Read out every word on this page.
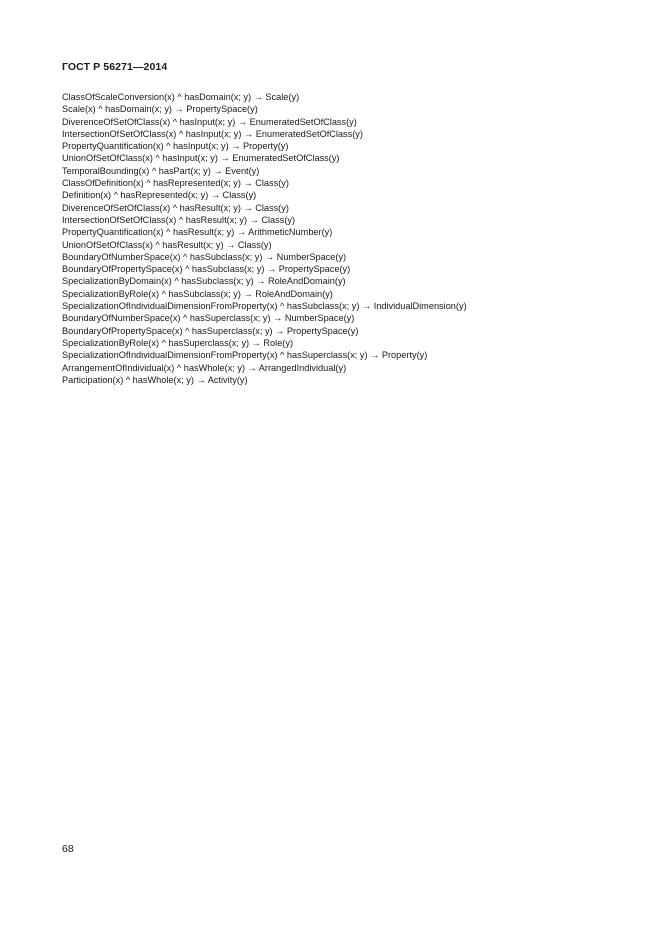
ГОСТ Р 56271—2014
ClassOfScaleConversion(x) ^ hasDomain(x; y) → Scale(y)
Scale(x) ^ hasDomain(x; y) → PropertySpace(y)
DiverenceOfSetOfClass(x) ^ hasInput(x; y) → EnumeratedSetOfClass(y)
IntersectionOfSetOfClass(x) ^ hasInput(x; y) → EnumeratedSetOfClass(y)
PropertyQuantification(x) ^ hasInput(x; y) → Property(y)
UnionOfSetOfClass(x) ^ hasInput(x; y) → EnumeratedSetOfClass(y)
TemporalBounding(x) ^ hasPart(x; y) → Event(y)
ClassOfDefinition(x) ^ hasRepresented(x; y) → Class(y)
Definition(x) ^ hasRepresented(x; y) → Class(y)
DiverenceOfSetOfClass(x) ^ hasResult(x; y) → Class(y)
IntersectionOfSetOfClass(x) ^ hasResult(x; y) → Class(y)
PropertyQuantification(x) ^ hasResult(x; y) → ArithmeticNumber(y)
UnionOfSetOfClass(x) ^ hasResult(x; y) → Class(y)
BoundaryOfNumberSpace(x) ^ hasSubclass(x; y) → NumberSpace(y)
BoundaryOfPropertySpace(x) ^ hasSubclass(x; y) → PropertySpace(y)
SpecializationByDomain(x) ^ hasSubclass(x; y) → RoleAndDomain(y)
SpecializationByRole(x) ^ hasSubclass(x; y) → RoleAndDomain(y)
SpecializationOfIndividualDimensionFromProperty(x) ^ hasSubclass(x; y) → IndividualDimension(y)
BoundaryOfNumberSpace(x) ^ hasSuperclass(x; y) → NumberSpace(y)
BoundaryOfPropertySpace(x) ^ hasSuperclass(x; y) → PropertySpace(y)
SpecializationByRole(x) ^ hasSuperclass(x; y) → Role(y)
SpecializationOfIndividualDimensionFromProperty(x) ^ hasSuperclass(x; y) → Property(y)
ArrangementOfIndividual(x) ^ hasWhole(x; y) → ArrangedIndividual(y)
Participation(x) ^ hasWhole(x; y) → Activity(y)
68
